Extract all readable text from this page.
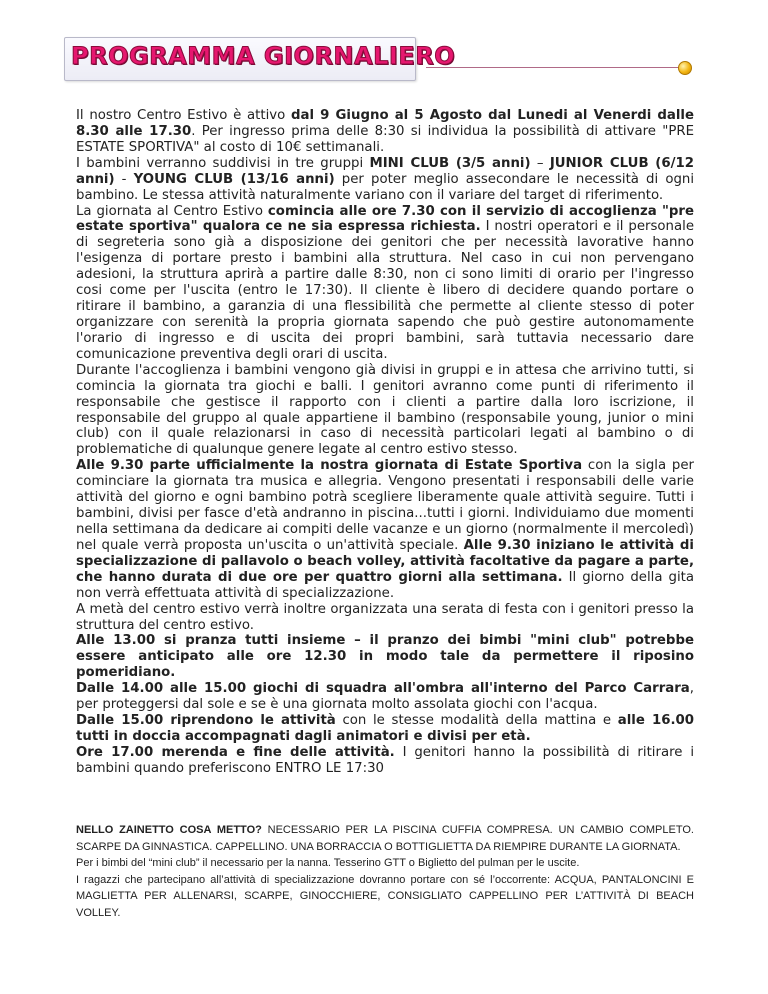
PROGRAMMA GIORNALIERO

Il nostro Centro Estivo è attivo dal 9 Giugno al 5 Agosto dal Lunedi al Venerdi dalle 8.30 alle 17.30. Per ingresso prima delle 8:30 si individua la possibilità di attivare "PRE ESTATE SPORTIVA" al costo di 10€ settimanali.

I bambini verranno suddivisi in tre gruppi MINI CLUB (3/5 anni) – JUNIOR CLUB (6/12 anni) - YOUNG CLUB (13/16 anni) per poter meglio assecondare le necessità di ogni bambino. Le stessa attività naturalmente variano con il variare del target di riferimento.

La giornata al Centro Estivo comincia alle ore 7.30 con il servizio di accoglienza "pre estate sportiva" qualora ce ne sia espressa richiesta. I nostri operatori e il personale di segreteria sono già a disposizione dei genitori che per necessità lavorative hanno l'esigenza di portare presto i bambini alla struttura. Nel caso in cui non pervengano adesioni, la struttura aprirà a partire dalle 8:30, non ci sono limiti di orario per l'ingresso cosi come per l'uscita (entro le 17:30). Il cliente è libero di decidere quando portare o ritirare il bambino, a garanzia di una flessibilità che permette al cliente stesso di poter organizzare con serenità la propria giornata sapendo che può gestire autonomamente l'orario di ingresso e di uscita dei propri bambini, sarà tuttavia necessario dare comunicazione preventiva degli orari di uscita.

Durante l'accoglienza i bambini vengono già divisi in gruppi e in attesa che arrivino tutti, si comincia la giornata tra giochi e balli. I genitori avranno come punti di riferimento il responsabile che gestisce il rapporto con i clienti a partire dalla loro iscrizione, il responsabile del gruppo al quale appartiene il bambino (responsabile young, junior o mini club) con il quale relazionarsi in caso di necessità particolari legati al bambino o di problematiche di qualunque genere legate al centro estivo stesso.

Alle 9.30 parte ufficialmente la nostra giornata di Estate Sportiva con la sigla per cominciare la giornata tra musica e allegria. Vengono presentati i responsabili delle varie attività del giorno e ogni bambino potrà scegliere liberamente quale attività seguire. Tutti i bambini, divisi per fasce d'età andranno in piscina...tutti i giorni. Individuiamo due momenti nella settimana da dedicare ai compiti delle vacanze e un giorno (normalmente il mercoledì) nel quale verrà proposta un'uscita o un'attività speciale. Alle 9.30 iniziano le attività di specializzazione di pallavolo o beach volley, attività facoltative da pagare a parte, che hanno durata di due ore per quattro giorni alla settimana. Il giorno della gita non verrà effettuata attività di specializzazione.

A metà del centro estivo verrà inoltre organizzata una serata di festa con i genitori presso la struttura del centro estivo.

Alle 13.00 si pranza tutti insieme – il pranzo dei bimbi "mini club" potrebbe essere anticipato alle ore 12.30 in modo tale da permettere il riposino pomeridiano.

Dalle 14.00 alle 15.00 giochi di squadra all'ombra all'interno del Parco Carrara, per proteggersi dal sole e se è una giornata molto assolata giochi con l'acqua.

Dalle 15.00 riprendono le attività con le stesse modalità della mattina e alle 16.00 tutti in doccia accompagnati dagli animatori e divisi per età.

Ore 17.00 merenda e fine delle attività. I genitori hanno la possibilità di ritirare i bambini quando preferiscono ENTRO LE 17:30

NELLO ZAINETTO COSA METTO? NECESSARIO PER LA PISCINA CUFFIA COMPRESA. UN CAMBIO COMPLETO. SCARPE DA GINNASTICA. CAPPELLINO. UNA BORRACCIA O BOTTIGLIETTA DA RIEMPIRE DURANTE LA GIORNATA.

Per i bimbi del “mini club” il necessario per la nanna. Tesserino GTT o Biglietto del pulman per le uscite.

I ragazzi che partecipano all’attività di specializzazione dovranno portare con sé l’occorrente: ACQUA, PANTALONCINI E MAGLIETTA PER ALLENARSI, SCARPE, GINOCCHIERE, CONSIGLIATO CAPPELLINO PER L’ATTIVITÀ DI BEACH VOLLEY.
